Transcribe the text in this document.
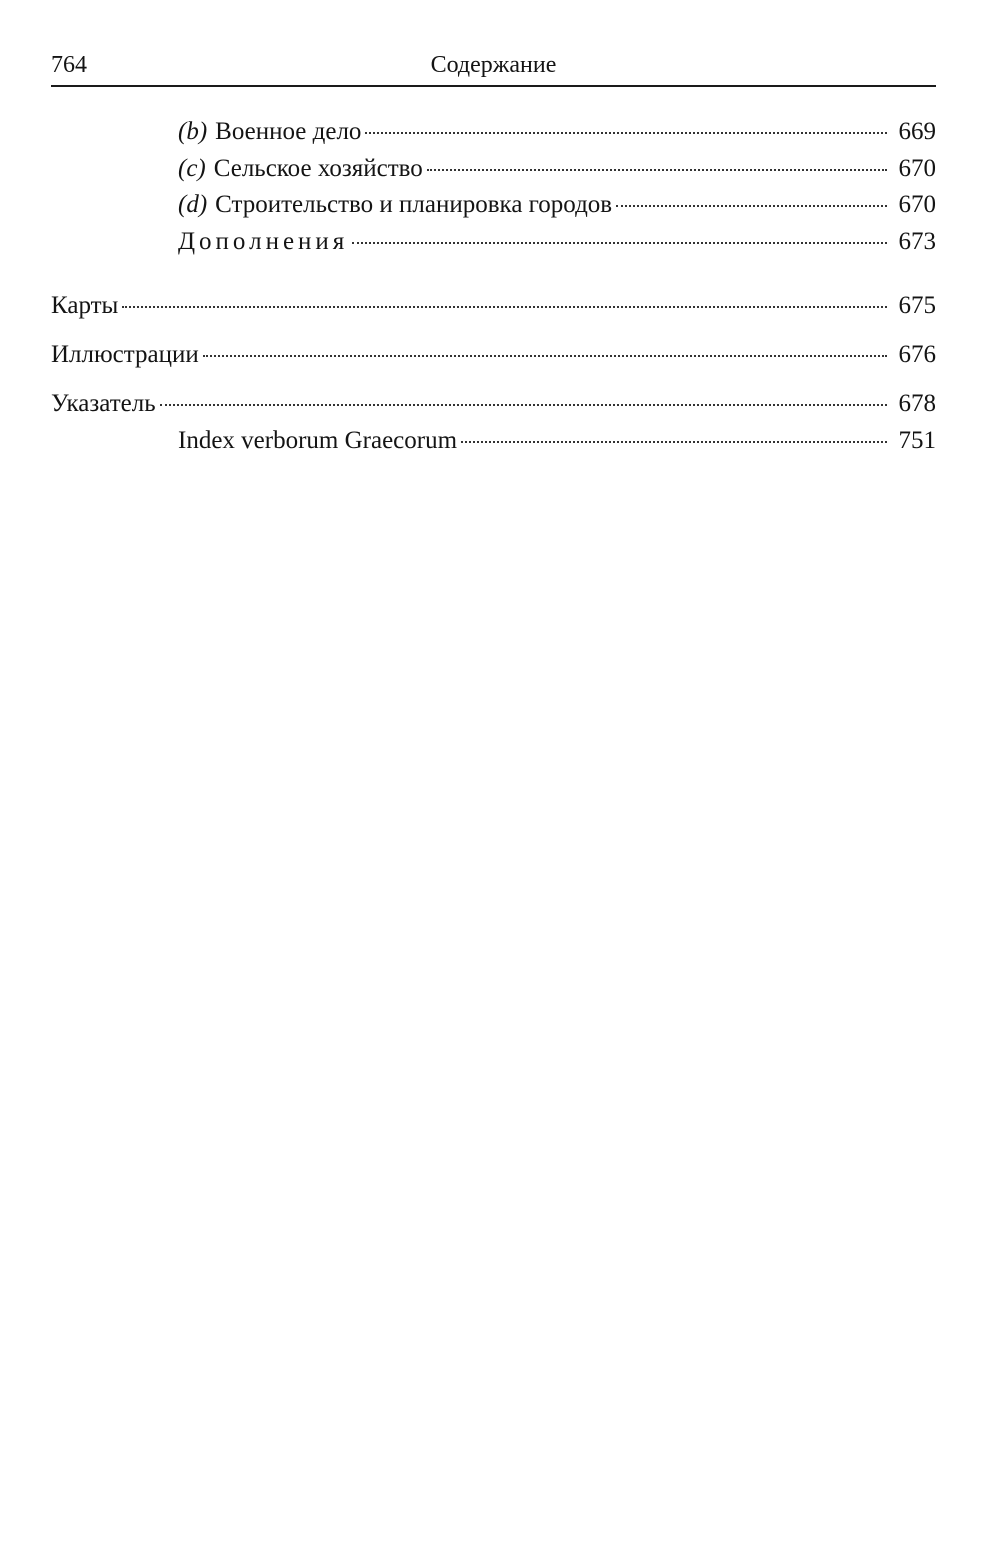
764	Содержание
(b) Военное дело	669
(c) Сельское хозяйство	670
(d) Строительство и планировка городов	670
Дополнения	673
Карты	675
Иллюстрации	676
Указатель	678
Index verborum Graecorum	751
